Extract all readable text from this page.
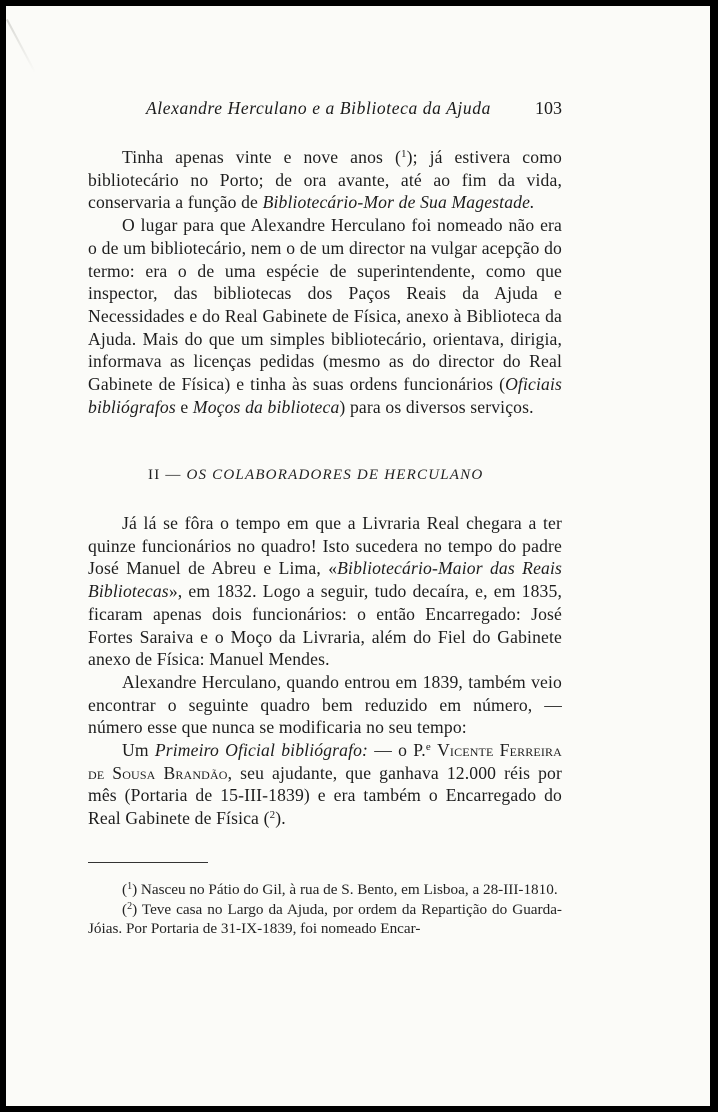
Alexandre Herculano e a Biblioteca da Ajuda 103

Tinha apenas vinte e nove anos ($^1$); já estivera como bibliotecário no Porto; de ora avante, até ao fim da vida, conservaria a função de Bibliotecário-Mor de Sua Magestade.

O lugar para que Alexandre Herculano foi nomeado não era o de um bibliotecário, nem o de um director na vulgar acepção do termo: era o de uma espécie de superintendente, como que inspector, das bibliotecas dos Paços Reais da Ajuda e Necessidades e do Real Gabinete de Física, anexo à Biblioteca da Ajuda. Mais do que um simples bibliotecário, orientava, dirigia, informava as licenças pedidas (mesmo as do director do Real Gabinete de Física) e tinha às suas ordens funcionários (Oficiais bibliógrafos e Moços da biblioteca) para os diversos serviços.

II — OS COLABORADORES DE HERCULANO

Já lá se fôra o tempo em que a Livraria Real chegara a ter quinze funcionários no quadro! Isto sucedera no tempo do padre José Manuel de Abreu e Lima, «Bibliotecário-Maior das Reais Bibliotecas», em 1832. Logo a seguir, tudo decaíra, e, em 1835, ficaram apenas dois funcionários: o então Encarregado: José Fortes Saraiva e o Moço da Livraria, além do Fiel do Gabinete anexo de Física: Manuel Mendes.

Alexandre Herculano, quando entrou em 1839, também veio encontrar o seguinte quadro bem reduzido em número, — número esse que nunca se modificaria no seu tempo:

Um Primeiro Oficial bibliógrafo: — o P.$^e$ Vicente Ferreira de Sousa Brandão, seu ajudante, que ganhava 12.000 réis por mês (Portaria de 15-III-1839) e era também o Encarregado do Real Gabinete de Física ($^2$).

($^1$) Nasceu no Pátio do Gil, à rua de S. Bento, em Lisboa, a 28-III-1810.

($^2$) Teve casa no Largo da Ajuda, por ordem da Repartição do Guarda-Jóias. Por Portaria de 31-IX-1839, foi nomeado Encar-
